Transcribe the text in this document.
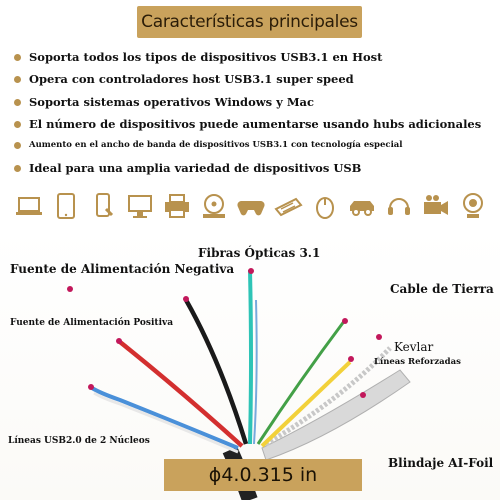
Características principales
Soporta todos los tipos de dispositivos USB3.1 en Host
Opera con controladores host USB3.1 super speed
Soporta sistemas operativos Windows y Mac
El número de dispositivos puede aumentarse usando hubs adicionales
Aumento en el ancho de banda de dispositivos USB3.1 con tecnología especial
Ideal para una amplia variedad de dispositivos USB
Fibras Ópticas 3.1
Fuente de Alimentación Negativa
Fuente de Alimentación Positiva
Cable de Tierra
Kevlar
Líneas Reforzadas
Líneas USB2.0 de 2 Núcleos
Blindaje AI-Foil
ϕ4.0.315 in
